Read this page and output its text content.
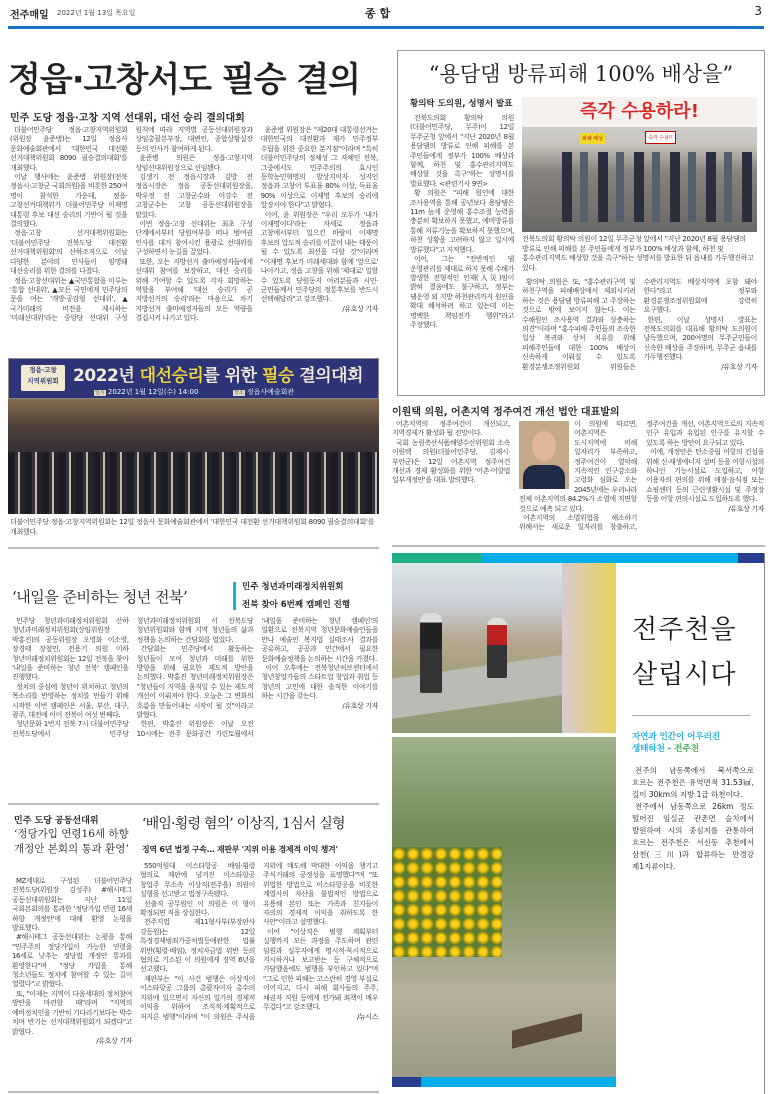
전주매일 2022년 1월 13일 목요일	종 합	3
정읍·고창서도 필승 결의
민주 도당 정읍·고창 지역 선대위, 대선 승리 결의대회

더불어민주당 정읍·고창지역위원회(위원장 윤준병)는 12일 정읍사 문화예술회관에서 '대한민국 대전환 선거대책위원회 8090 필승결의대회'를 개최했다.

이날 행사에는 윤준병 위원장(전북 정읍시·고창군 국회의원)을 비롯한 250여 명이 참석한 가운데, 정읍·고창선거대책위가 더불어민주당 이재명 대통령 후보 대선 승리의 기반이 될 것을 결의했다.

정읍·고창 선거대책위원회는 '더불어민주당 전북도당 대전환 선거대책위원회'의 산하조직으로 이날 다양한 분야의 인사들이 임명돼 대선승리를 위한 결의를 다졌다.

정읍·고창선대위는 ▲국민통합을 이루는 '통합 선대위', ▲모든 국민에게 민주당의 문을 여는 '개방·공감형 선대위', ▲국가미래의 비전을 제시하는 '미래선대위'라는 중앙당 선대위 구성 원칙에 따라 지역별 공동선대위원장과 상임총괄본부장, 대변인, 종합상황실장 등의 인사가 참여하게 된다.

윤준병 의원은 정읍·고창지역 상임선대위원장으로 선임됐다.

김생기 전 정읍시장과 김방 전 정읍시장은 정읍 공동선대위원장을, 박우정 전 고창군수와 이강수 전 고창군수는 고창 공동선대위원장을 맡았다.

이번 정읍·고창 선대위는 최초 구성 단계에서부터 당원여부를 떠나 범여권 인사를 대거 참여시킨 용광로 선대위를 구성하면서 눈길을 끌었다.

또한, 오는 지방선거 출마예정자들에게 선대위 참여를 보장하고, 대선 승리를 위해 기여할 수 있도록 각자 회망하는 역할을 부여해 '대선 승리가 곧 지방선거의 승리'라는 마음으로 차기 지방선거 출마예정자들의 모든 역량을 결집시켜 나가고 있다.

윤준병 위원장은 "제20대 대통령선거는 대한민국의 대전환과 재가 민주정부 수립을 위한 중요한 분기점"이라며 "특히 더불어민주당의 정체성 그 자체인 전북, 그중에서도 민주주의의 효시인 동학농민혁명의 발상지이자 성지인 정읍과 고창이 투표율 80% 이상, 득표율 90% 이상으로 이재명 후보의 승리에 앞장서야 한다"고 밝혔다.

이어, 윤 위원장은 "우리 모두가 '내가 이재명이다'라는 자세로 정읍과 고창에서부터 일으킨 바람이 이재명 후보의 압도적 승리를 이끌어 내는 태풍이 될 수 있도록 최선을 다할 것"이라며 "이재명 후보가 미래세대와 함께 '앞으로' 나아가고, 정읍 고창을 위해 '제대로' 일할 수 있도록 당원동지 여러분들과 시민·군민들께서 민주당의 정통후보를 반드시 선택해달라"고 강조했다.

/유호상 기자
정읍·고창
지역위원회 2022년 대선승리를 위한 필승 결의대회
일시 2022년 1월 12일(수) 14:00	장소 정읍사예술회관
더불어민주당 정읍·고창지역위원회는 12일 정읍사 문화예술회관에서 '대한민국 대전환 선거대책위원회 8090 필승결의대회'를 개최했다.
“용담댐 방류피해 100% 배상을”
황의탁 도의원, 성명서 발표

전북도의회 황의탁 의원(더불어민주당, 무주)이 12일 무주군청 앞에서 "지난 2020년 8월 용담댐의 방류로 인해 피해를 본 주민들에게 정부가 100% 배상과 함께, 하천 및 홍수관리지역도 배상할 것을 촉구"하는 성명서를 발표했다. <관련기사 9면>

황 의원은 "피해 원인에 대한 조사용역을 통해 공년보다 용담댐은 11m 높게 운영해 홍수조절 능력을 충분히 확보하지 못했고, 예비방류를 통해 저류기능을 확보하지 못했으며, 하천 상황을 고려하지 않고 일시에 방류했다"고 지적했다.

이어, 그는 "전반적인 댐 운영관리를 제대로 하지 못해 수해가 발생한 전형적인 인재(人災)임이 밝혀 졌음에도 불구하고, 정부는 댐운영 외 지방 하천관리까지 원인을 확대 해석하려 하고 있는데 이는 명백한 책임전가 행위"라고 주장했다.

즉각 수용하라!
피해 배상	즉각 수용!!
전북도의회 황의탁 의원이 12일 무주군청 앞에서 "지난 2020년 8월 용담댐의 방류로 인해 피해를 본 주민들에게 정부가 100% 배상과 함께, 하천 및 홍수관리지역도 배상할 것을 촉구"하는 성명서를 발표한 뒤 읍내를 가두행진하고 있다.

황의탁 의원은 또, "홍수관리구역 및 하천구역을 피해배상에서 제외시키려 하는 것은 용담댐 방류피해 고 주장하는 것으로 밖에 보이지 않는다. 이는 수해원인 조사용역 결과와 상충하는 의견"이라며 "홍수피해 주민들의 조속한 일상 복귀와 상처 치유를 위해 피해주민들에 대한 100% 배상이 신속하게 이뤄질 수 있도록 환경분쟁조정위원회 위원들은 수관리지역도 배상지역에 포함 돼야 한다"라고 정부와 환경분쟁조정위원회에 강력히 요구했다.

한편, 이날 성명서 발표는 전북도의회를 대표해 황의탁 도의원이 낭독했으며, 200여명의 무주군민들이 신속한 배상을 주장하며, 무주군 읍내를 가두행진했다.

/유호상 기자
이원택 의원, 어촌지역 정주여건 개선 법안 대표발의

어촌지역의 정주여건이 개선되고, 지역경제가 활성화 될 전망이다.

국회 농림축산식품해양수산위원회 소속 이원택 의원(더불어민주당, 김제시·부안군)은 12일 어촌지역 정주여건 개선과 경제 활성화를 위한 '어촌·어항법 일부개정안'을 대표 발의했다.

이 의원에 따르면, 어촌지역은 도시지역에 비해 일자리가 부족하고, 정주여건이 열악해 지속적인 인구감소와 고령화 심화로 오는 2045년에는 우리나라 전체 어촌지역의 84.2%가 소멸에 직면할 것으로 예측 되고 있다.

어촌지역의 소멸위험을 해소하기 위해서는 새로운 일자리를 창출하고, 정주여건을 개선, 어촌지역으로의 지속적 인구 유입과 유입된 인구를 유지할 수 있도록 하는 방안이 요구되고 있다.

이에, 개정안은 탄소중립 어항의 건설을 위해 신·재생에너지 설비 등을 어항시설의 하나인 기능시설로 도입하고, 어항 이용자의 편의를 위해 매점·음식점 또는 쇼핑센터 등의 근린생활시설 및 주정장 등을 어항 편의시설로 도입하도록 했다.

/유호상 기자
‘내일을 준비하는 청년 전북’
민주 청년과미래정치위원회
전북 찾아 6번째 캠페인 진행

민주당 청년과미래정치위원회 산하 청년과미래정치위원회(상임위원장 박홍진)의 공동위원장 오영화 이소영, 장경태 장철민, 전용기 의원 이하 청년미래정치위원회는 12일 전북을 찾아 '내일을 준비하는 청년 전북' 캠페인을 진행했다.

정치의 중심에 청년이 위치하고 청년의 목소리를 반영하는 정치를 만들기 위해 시작한 이번 캠페인은 서울, 부산, 대구, 광주, 대전에 이어 전북이 여섯 번째다.

청년문화 1번지 전북 7시 더불어민주당 전북도당에서 민주당 청년과미래정치위원회 서 전북도당 청년위원회와 함께 지역 청년들의 삶과 정책을 논의하는 간담회를 열었다.

간담회는 민주당에서 활동하는 청년들이 모여 청년과 미래를 위한 방향을 위해 필요한 제도적 방안을 논의했다. 박홍진 청년미래정치위원장은 "청년들이 지역을 움직일 수 있는 제도적 개선이 이뤄져야 한다. 오늘은 그 변화의 흐름을 만들어내는 시작이 될 것"이라고 밝혔다.

한편, 박홍진 위원장은 이날 오전 10시에는 전주 문화공간 기린토월에서 '내일을 준비하는 청년 캠페인'의 일환으로 전북지역 청년문화예술인들을 만나 예술인 복지법 실태조사 결과를 공유하고, 공공과 민간에서 필요한 문화예술정책을 논의하는 시간을 가졌다.

이어 오후에는 전북청년허브센터에서 청년창업가들의 스타트업 창업과 취업 등 청년의 고민에 대한 솔직한 이야기를 하는 시간을 갖는다.

/유호상 기자
민주 도당 공동선대위
‘정당가입 연령16세 하향 개정안 본회의 통과 환영’

MZ세대로 구성된 더불어민주당 전북도당(위원장 김성주) #해시태그 공동선대위원회는 지난 11일 국회본회의를 통과한 '정당가입 연령 16세 하향 개정안'에 대해 환영 논평을 발표했다.

#해시태그 공동선대위는 논평을 통해 "민주주의 정당가입이 가능한 연령을 16세로 낮추는 정당법 개정안 통과를 환영한다"며 "정당 가입을 통해 청소년들도 정치에 참여할 수 있는 길이 열렸다"고 밝혔다.

또, "이제는 지역이 다음세대의 정치참여 방안을 마련할 때"라며 "지역의 예비정치인을 기반히 기다리기보다는 박수 치며 반기는 선거대책위원회가 되겠다"고 밝혔다.

/유호상 기자
‘배임·횡령 혐의’ 이상직, 1심서 실형
징역 6년 법정 구속… 재판부 '지위 이용 경제적 이익 챙겨'

550억원대 이스타항공 배임·횡령 혐의로 재판에 넘겨진 이스타항공 창업주 무소속 이상직(전주을) 의원이 실형을 선고받고 법정구속됐다.

선출직 공무원인 이 의원은 이 형이 확정되면 직을 상실한다.

전주지법 제11형사부(부장판사 강동원)는 12일 특정경제범죄가중처벌등에관한 법률 위반(횡령·배임), 정치자금법 위반 등의 혐의로 기소된 이 의원에게 징역 6년을 선고했다.

재판부는 "이 사건 범행은 이상직이 이스타항공 그룹의 총괄자이자 총수의 지위에 있으면서 자신의 일가의 경제적 이익을 위하여 조직적·계획적으로 저지른 범행"이라며 "이 의원은 주식을 지위에 매도해 막대한 이익을 챙기고 주식거래의 공정성을 표명했다"며 "또 위법한 방법으로 이스타항공을 비롯한 계열사의 자산을 불법적인 방법으로 유용해 본인 또는 가족과 친지들이 자의의 경제적 이익을 취하도록 한 사안"이라고 설명했다.

이어 "이상직은 범행 계획부터 실행까지 모든 과정을 주도하며 관련 임원과 실무자에게 명시적·묵시적으로 지시하거나 보고받는 등 구체적으로 가담했음에도 범행을 부인하고 있다"며 "그로 인한 피해는 고스란히 경영 부실로 이어지고, 다시 피해 회사들의 주주, 채권자 직원 등에게 전가돼 죄책이 매우 무겁다"고 강조했다.

/뉴시스
전주천을
살립시다
자연과 인간이 어우러진
생태하천 - 전주천

전주의 남동쪽에서 북서쪽으로 흐르는 전주천은 유역면적 31.53㎢, 길이 30km의 지방 1급 하천이다.

전주에서 남동쪽으로 26km 정도 떨어진 임실군 관촌면 슬치에서 발원하여 시의 중심지를 관통하여 흐르는 전주천은 서신동 추천에서 삼천(三川)과 합류하는 만경강 제1지류이다.
